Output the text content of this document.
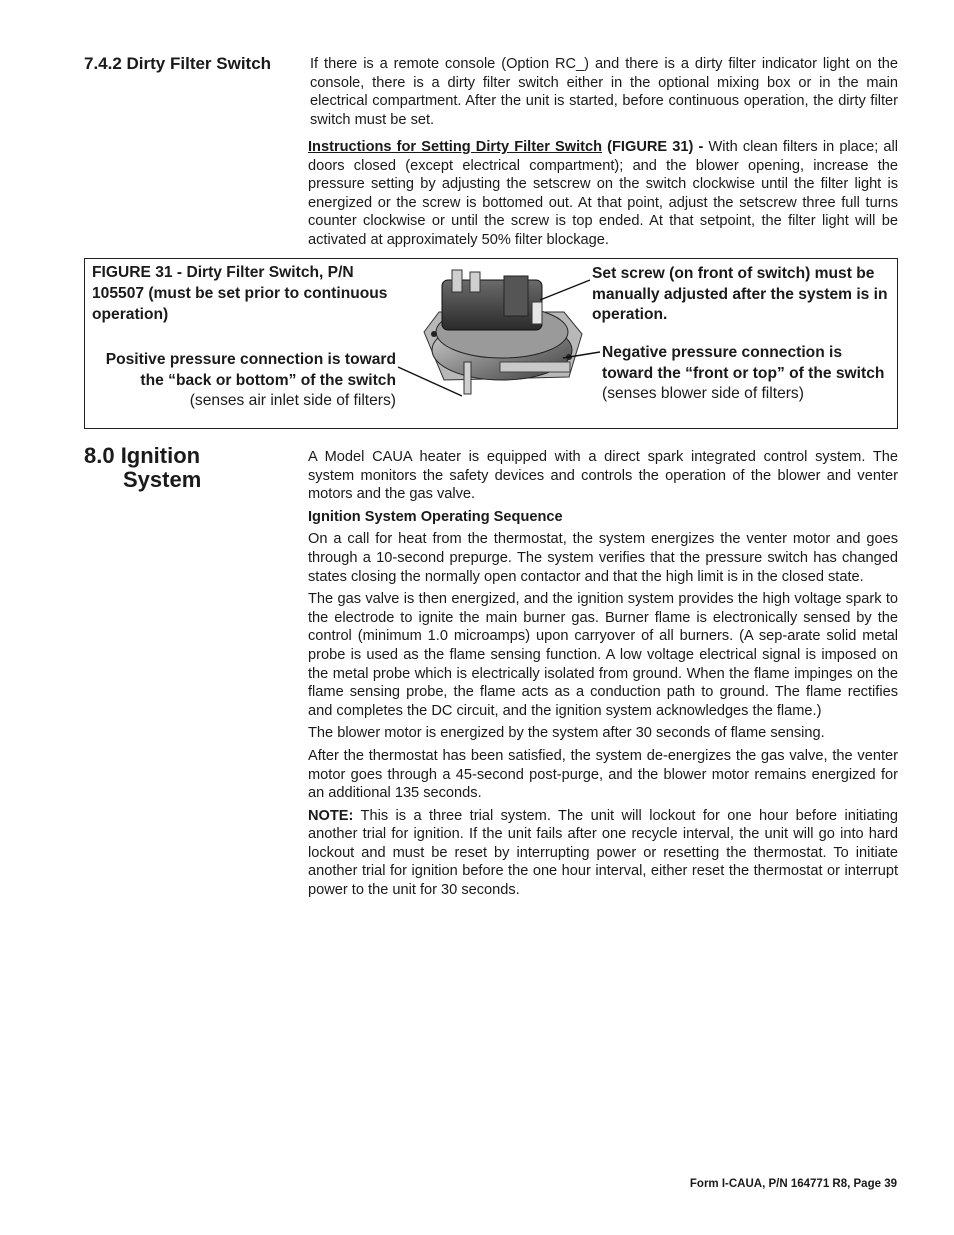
7.4.2 Dirty Filter Switch	If there is a remote console (Option RC_) and there is a dirty filter indicator light on the console, there is a dirty filter switch either in the optional mixing box or in the main electrical compartment. After the unit is started, before continuous operation, the dirty filter switch must be set.
Instructions for Setting Dirty Filter Switch (FIGURE 31) - With clean filters in place; all doors closed (except electrical compartment); and the blower opening, increase the pressure setting by adjusting the setscrew on the switch clockwise until the filter light is energized or the screw is bottomed out. At that point, adjust the setscrew three full turns counter clockwise or until the screw is top ended. At that setpoint, the filter light will be activated at approximately 50% filter blockage.
FIGURE 31 - Dirty Filter Switch, P/N 105507 (must be set prior to continuous operation)
Set screw (on front of switch) must be manually adjusted after the system is in operation.
Positive pressure connection is toward the “back or bottom” of the switch (senses air inlet side of filters)
Negative pressure connection is toward the “front or top” of the switch (senses blower side of filters)
8.0 Ignition
System

A Model CAUA heater is equipped with a direct spark integrated control system. The system monitors the safety devices and controls the operation of the blower and venter motors and the gas valve.

Ignition System Operating Sequence

On a call for heat from the thermostat, the system energizes the venter motor and goes through a 10-second prepurge. The system verifies that the pressure switch has changed states closing the normally open contactor and that the high limit is in the closed state.

The gas valve is then energized, and the ignition system provides the high voltage spark to the electrode to ignite the main burner gas. Burner flame is electronically sensed by the control (minimum 1.0 microamps) upon carryover of all burners. (A sep-arate solid metal probe is used as the flame sensing function. A low voltage electrical signal is imposed on the metal probe which is electrically isolated from ground. When the flame impinges on the flame sensing probe, the flame acts as a conduction path to ground. The flame rectifies and completes the DC circuit, and the ignition system acknowledges the flame.)

The blower motor is energized by the system after 30 seconds of flame sensing.

After the thermostat has been satisfied, the system de-energizes the gas valve, the venter motor goes through a 45-second post-purge, and the blower motor remains energized for an additional 135 seconds.

NOTE: This is a three trial system. The unit will lockout for one hour before initiating another trial for ignition. If the unit fails after one recycle interval, the unit will go into hard lockout and must be reset by interrupting power or resetting the thermostat. To initiate another trial for ignition before the one hour interval, either reset the thermostat or interrupt power to the unit for 30 seconds.

Form I-CAUA, P/N 164771 R8, Page 39
